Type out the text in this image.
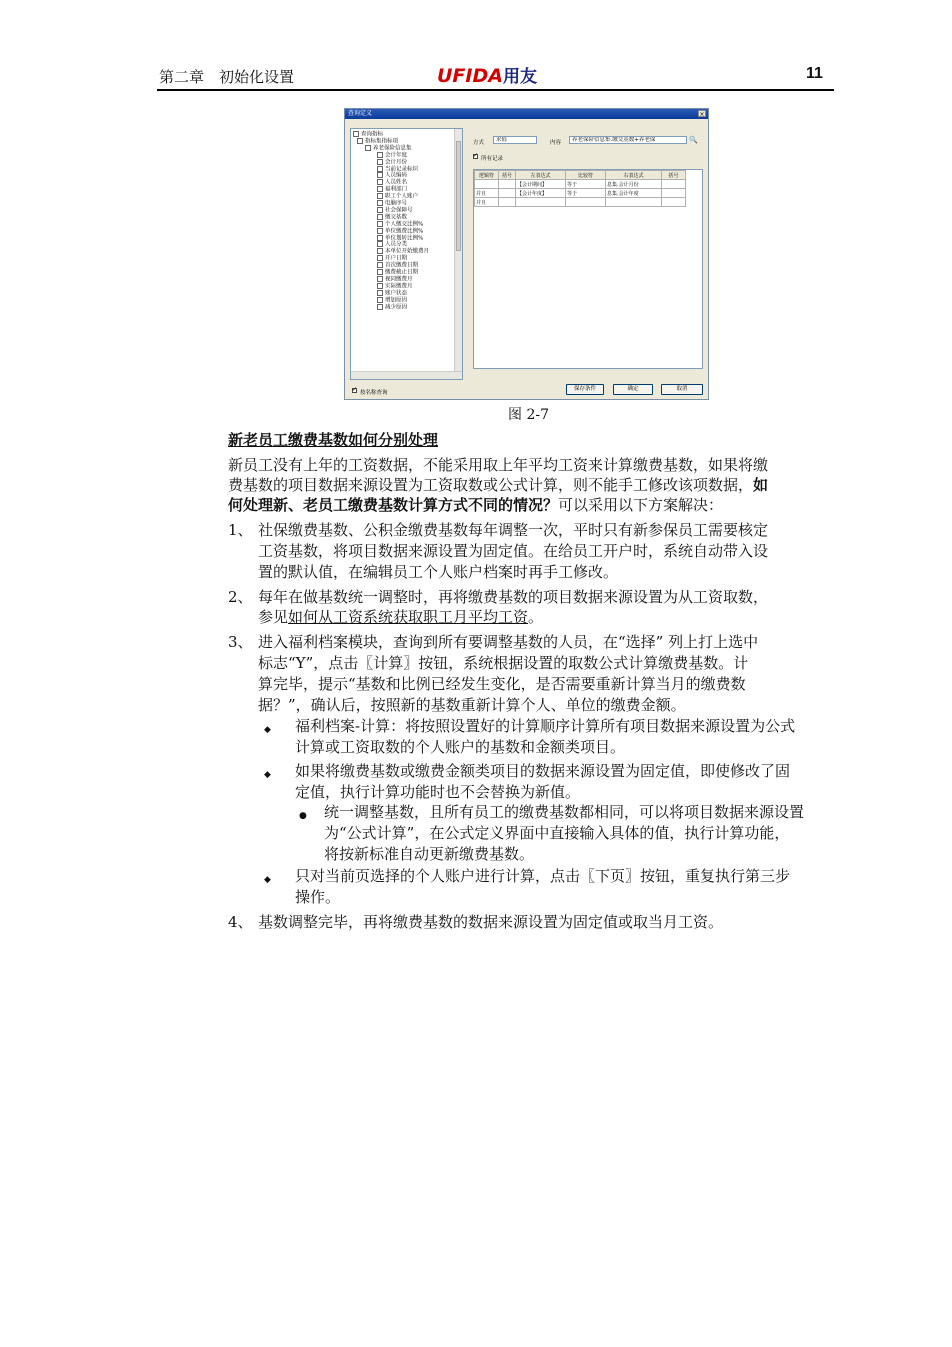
第二章　初始化设置	UFIDA用友	11
查询定义	×
减少原因
增加原因
账户状态
实际缴费月
视同缴费月
缴费截止日期
首次缴费日期
开户日期
本单位开始缴费月
人员分类
单位划转比例%
单位缴费比例%
个人缴交比例%
缴交基数
社会保障号
电脑序号
职工个人账户
福利部门
人员姓名
人员编码
当前记录标识
会计月份
会计年度
养老保险信息集
指标集指标项
查询指标
方式	求值	内容	养老保险信息集.缴交基数+养老保	🔍
✓
所有记录
逻辑符	括号	左表达式	比较符	右表达式	括号
		【会计期间】	等于	息集.会计月份	
并且		【会计年度】	等于	息集.会计年度	
并且					
✓
按名称查询
保存条件	确定	取消
图 2-7
新老员工缴费基数如何分别处理
新员工没有上年的工资数据，不能采用取上年平均工资来计算缴费基数，如果将缴
费基数的项目数据来源设置为工资取数或公式计算，则不能手工修改该项数据，如
何处理新、老员工缴费基数计算方式不同的情况？可以采用以下方案解决：
1、 社保缴费基数、公积金缴费基数每年调整一次，平时只有新参保员工需要核定
工资基数，将项目数据来源设置为固定值。在给员工开户时，系统自动带入设
置的默认值，在编辑员工个人账户档案时再手工修改。
2、 每年在做基数统一调整时，再将缴费基数的项目数据来源设置为从工资取数，
参见如何从工资系统获取职工月平均工资。
3、 进入福利档案模块，查询到所有要调整基数的人员，在“选择” 列上打上选中
标志“Y”，点击〖计算〗按钮，系统根据设置的取数公式计算缴费基数。计
算完毕，提示“基数和比例已经发生变化，是否需要重新计算当月的缴费数
据？”，确认后，按照新的基数重新计算个人、单位的缴费金额。
◆ 福利档案-计算：将按照设置好的计算顺序计算所有项目数据来源设置为公式
计算或工资取数的个人账户的基数和金额类项目。
◆ 如果将缴费基数或缴费金额类项目的数据来源设置为固定值，即使修改了固
定值，执行计算功能时也不会替换为新值。
● 统一调整基数，且所有员工的缴费基数都相同，可以将项目数据来源设置
为“公式计算”，在公式定义界面中直接输入具体的值，执行计算功能，
将按新标准自动更新缴费基数。
◆ 只对当前页选择的个人账户进行计算，点击〖下页〗按钮，重复执行第三步
操作。
4、 基数调整完毕，再将缴费基数的数据来源设置为固定值或取当月工资。
